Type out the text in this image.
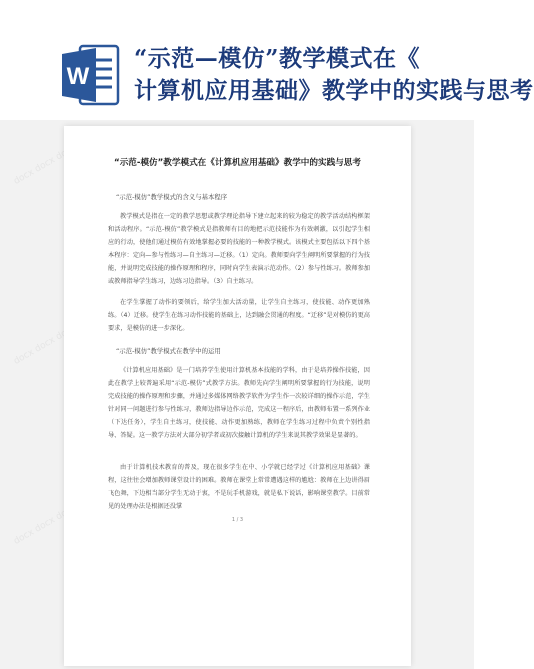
W
“示范—模仿”教学模式在《
计算机应用基础》教学中的实践与思考
docx docx docx
docx docx docx
docx docx docx
“示范-模仿”教学模式在《计算机应用基础》教学中的实践与思考
“示范-模仿”教学模式的含义与基本程序
教学模式是指在一定的教学思想或教学理论指导下建立起来的较为稳定的教学活动结构框架和活动程序。“示范-模仿”教学模式是指教师有目的地把示范技能作为有效刺激，以引起学生相应的行动，使他们通过模仿有效地掌握必要的技能的一种教学模式。该模式主要包括以下四个基本程序：定向—参与性练习—自主练习—迁移。（1）定向。教师要向学生阐明所要掌握的行为技能，并说明完成技能的操作原理和程序，同时向学生表演示范动作。（2）参与性练习。教师参加或教师指导学生练习，边练习边指导。（3）自主练习。
在学生掌握了动作的要领后，给学生加大活动量，让学生自主练习，使技能、动作更加熟练。（4）迁移。使学生在练习动作技能的基础上，达到融会贯通的程度。“迁移”是对模仿的更高要求，是模仿的进一步深化。
“示范-模仿”教学模式在教学中的运用
《计算机应用基础》是一门培养学生使用计算机基本技能的学科，由于是培养操作技能，因此在教学上较普遍采用“示范-模仿”式教学方法。教师先向学生阐明所要掌握的行为技能，说明完成技能的操作原理和步骤，并通过多媒体网络教学软件为学生作一次较详细的操作示范，学生针对同一问题进行参与性练习，教师边指导边作示范，完成这一程序后，由教师布置一系列作业（下达任务），学生自主练习，使技能、动作更加熟练，教师在学生练习过程中负责个别性指导、答疑。这一教学方法对大部分初学者或初次接触计算机的学生来说其教学效果是显著的。
由于计算机技术教育的普及，现在很多学生在中、小学就已经学过《计算机应用基础》课程，这往往会增加教师课堂设计的困难。教师在课堂上常常遭遇这样的尴尬：教师在上边讲得眉飞色舞，下边相当部分学生无动于衷，不是玩手机游戏，就是私下说话，影响课堂教学。目前常见的处理办法是根据还没掌
1 / 3
